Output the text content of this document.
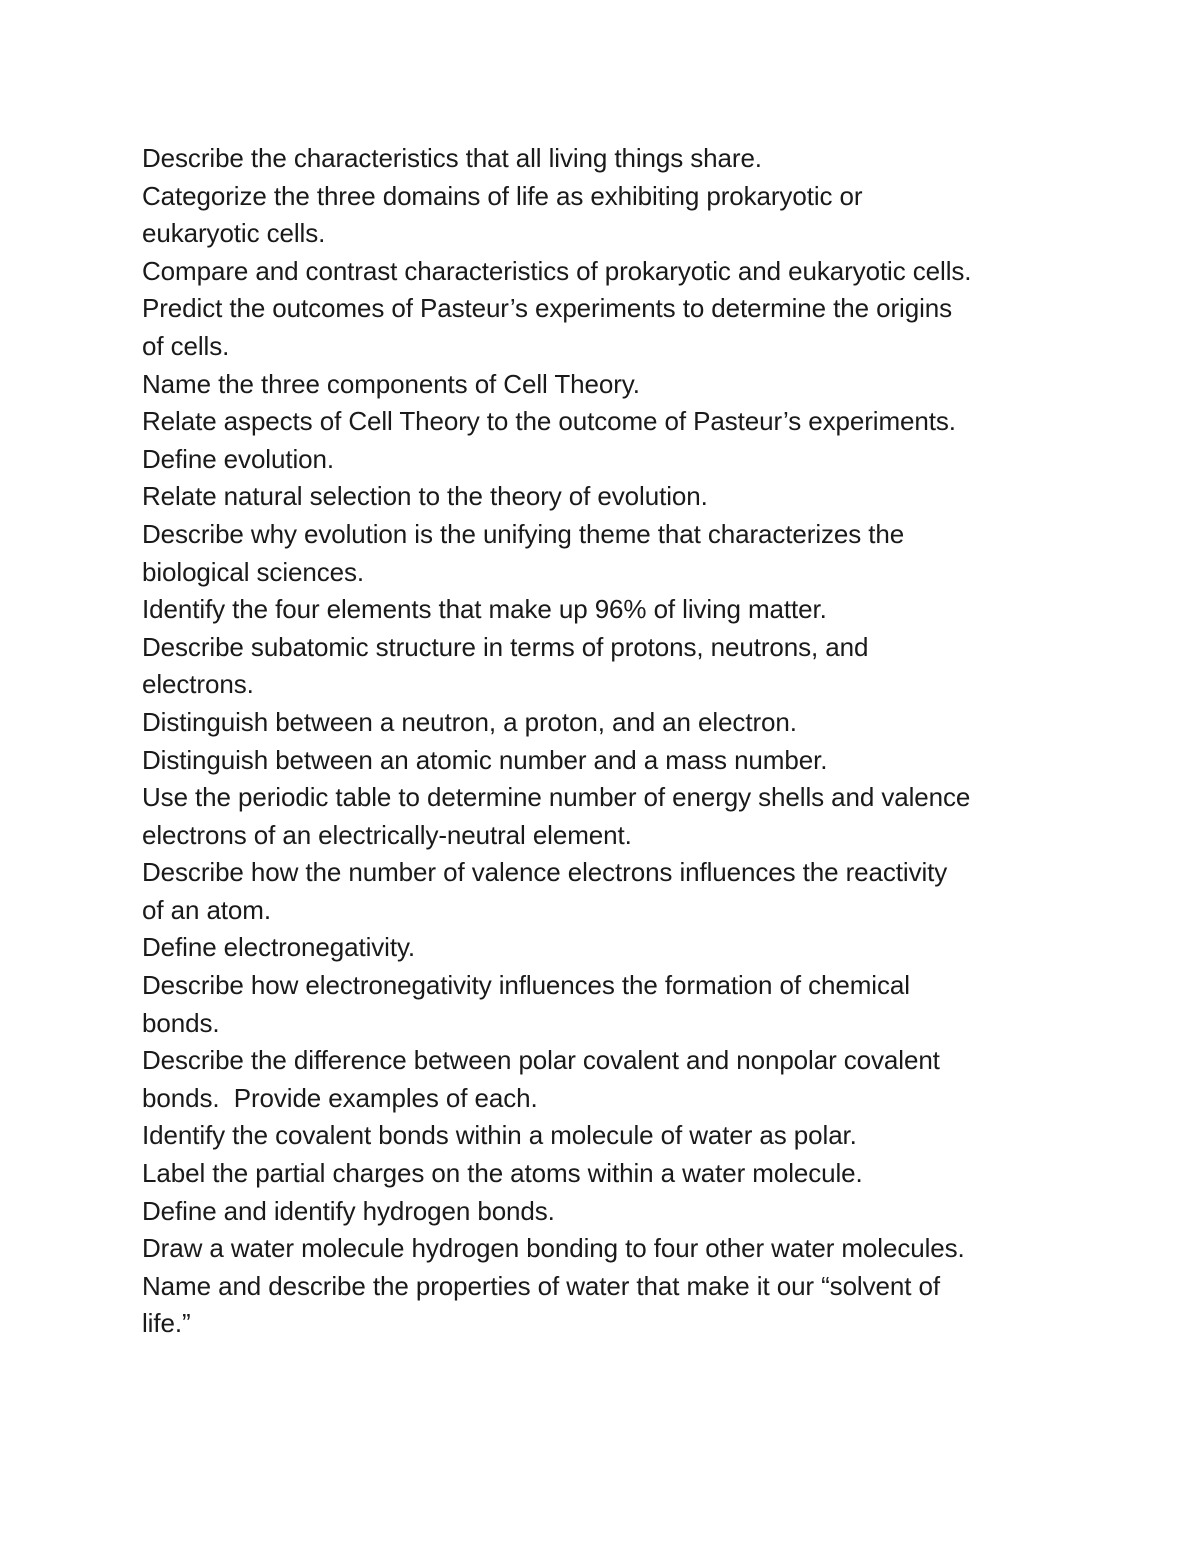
Describe the characteristics that all living things share.
Categorize the three domains of life as exhibiting prokaryotic or
eukaryotic cells.
Compare and contrast characteristics of prokaryotic and eukaryotic cells.
Predict the outcomes of Pasteur’s experiments to determine the origins
of cells.
Name the three components of Cell Theory.
Relate aspects of Cell Theory to the outcome of Pasteur’s experiments.
Define evolution.
Relate natural selection to the theory of evolution.
Describe why evolution is the unifying theme that characterizes the
biological sciences.
Identify the four elements that make up 96% of living matter.
Describe subatomic structure in terms of protons, neutrons, and
electrons.
Distinguish between a neutron, a proton, and an electron.
Distinguish between an atomic number and a mass number.
Use the periodic table to determine number of energy shells and valence
electrons of an electrically-neutral element.
Describe how the number of valence electrons influences the reactivity
of an atom.
Define electronegativity.
Describe how electronegativity influences the formation of chemical
bonds.
Describe the difference between polar covalent and nonpolar covalent
bonds.  Provide examples of each.
Identify the covalent bonds within a molecule of water as polar.
Label the partial charges on the atoms within a water molecule.
Define and identify hydrogen bonds.
Draw a water molecule hydrogen bonding to four other water molecules.
Name and describe the properties of water that make it our “solvent of
life.”
